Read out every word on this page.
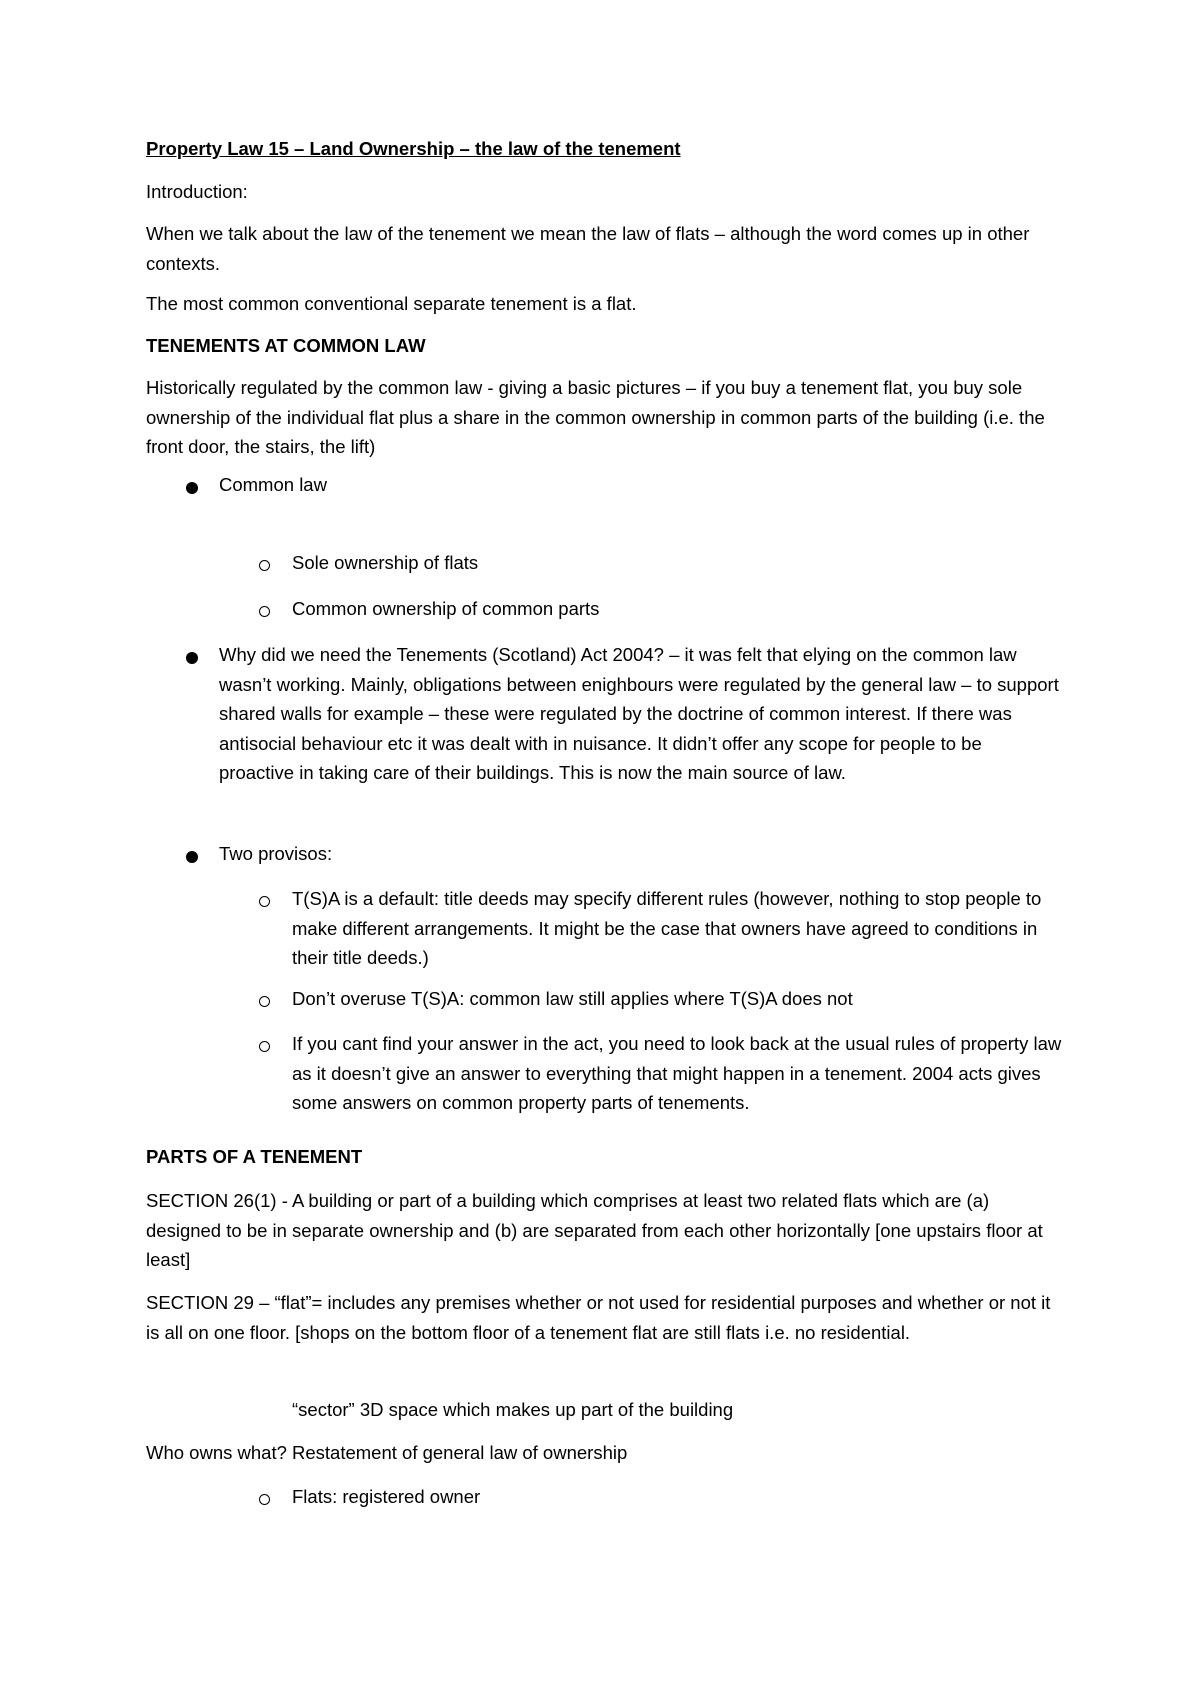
Property Law 15 – Land Ownership – the law of the tenement

Introduction:

When we talk about the law of the tenement we mean the law of flats – although the word comes up in other contexts.

The most common conventional separate tenement is a flat.

TENEMENTS AT COMMON LAW

Historically regulated by the common law - giving a basic pictures – if you buy a tenement flat, you buy sole ownership of the individual flat plus a share in the common ownership in common parts of the building (i.e. the front door, the stairs, the lift)

Common law
Sole ownership of flats
Common ownership of common parts
Why did we need the Tenements (Scotland) Act 2004? – it was felt that elying on the common law wasn’t working. Mainly, obligations between enighbours were regulated by the general law – to support shared walls for example – these were regulated by the doctrine of common interest. If there was antisocial behaviour etc it was dealt with in nuisance. It didn’t offer any scope for people to be proactive in taking care of their buildings. This is now the main source of law.
Two provisos:
T(S)A is a default: title deeds may specify different rules (however, nothing to stop people to make different arrangements. It might be the case that owners have agreed to conditions in their title deeds.)
Don’t overuse T(S)A: common law still applies where T(S)A does not
If you cant find your answer in the act, you need to look back at the usual rules of property law as it doesn’t give an answer to everything that might happen in a tenement. 2004 acts gives some answers on common property parts of tenements.

PARTS OF A TENEMENT

SECTION 26(1) - A building or part of a building which comprises at least two related flats which are (a) designed to be in separate ownership and (b) are separated from each other horizontally [one upstairs floor at least]

SECTION 29 – “flat”= includes any premises whether or not used for residential purposes and whether or not it is all on one floor. [shops on the bottom floor of a tenement flat are still flats i.e. no residential.

“sector” 3D space which makes up part of the building

Who owns what? Restatement of general law of ownership

Flats: registered owner
